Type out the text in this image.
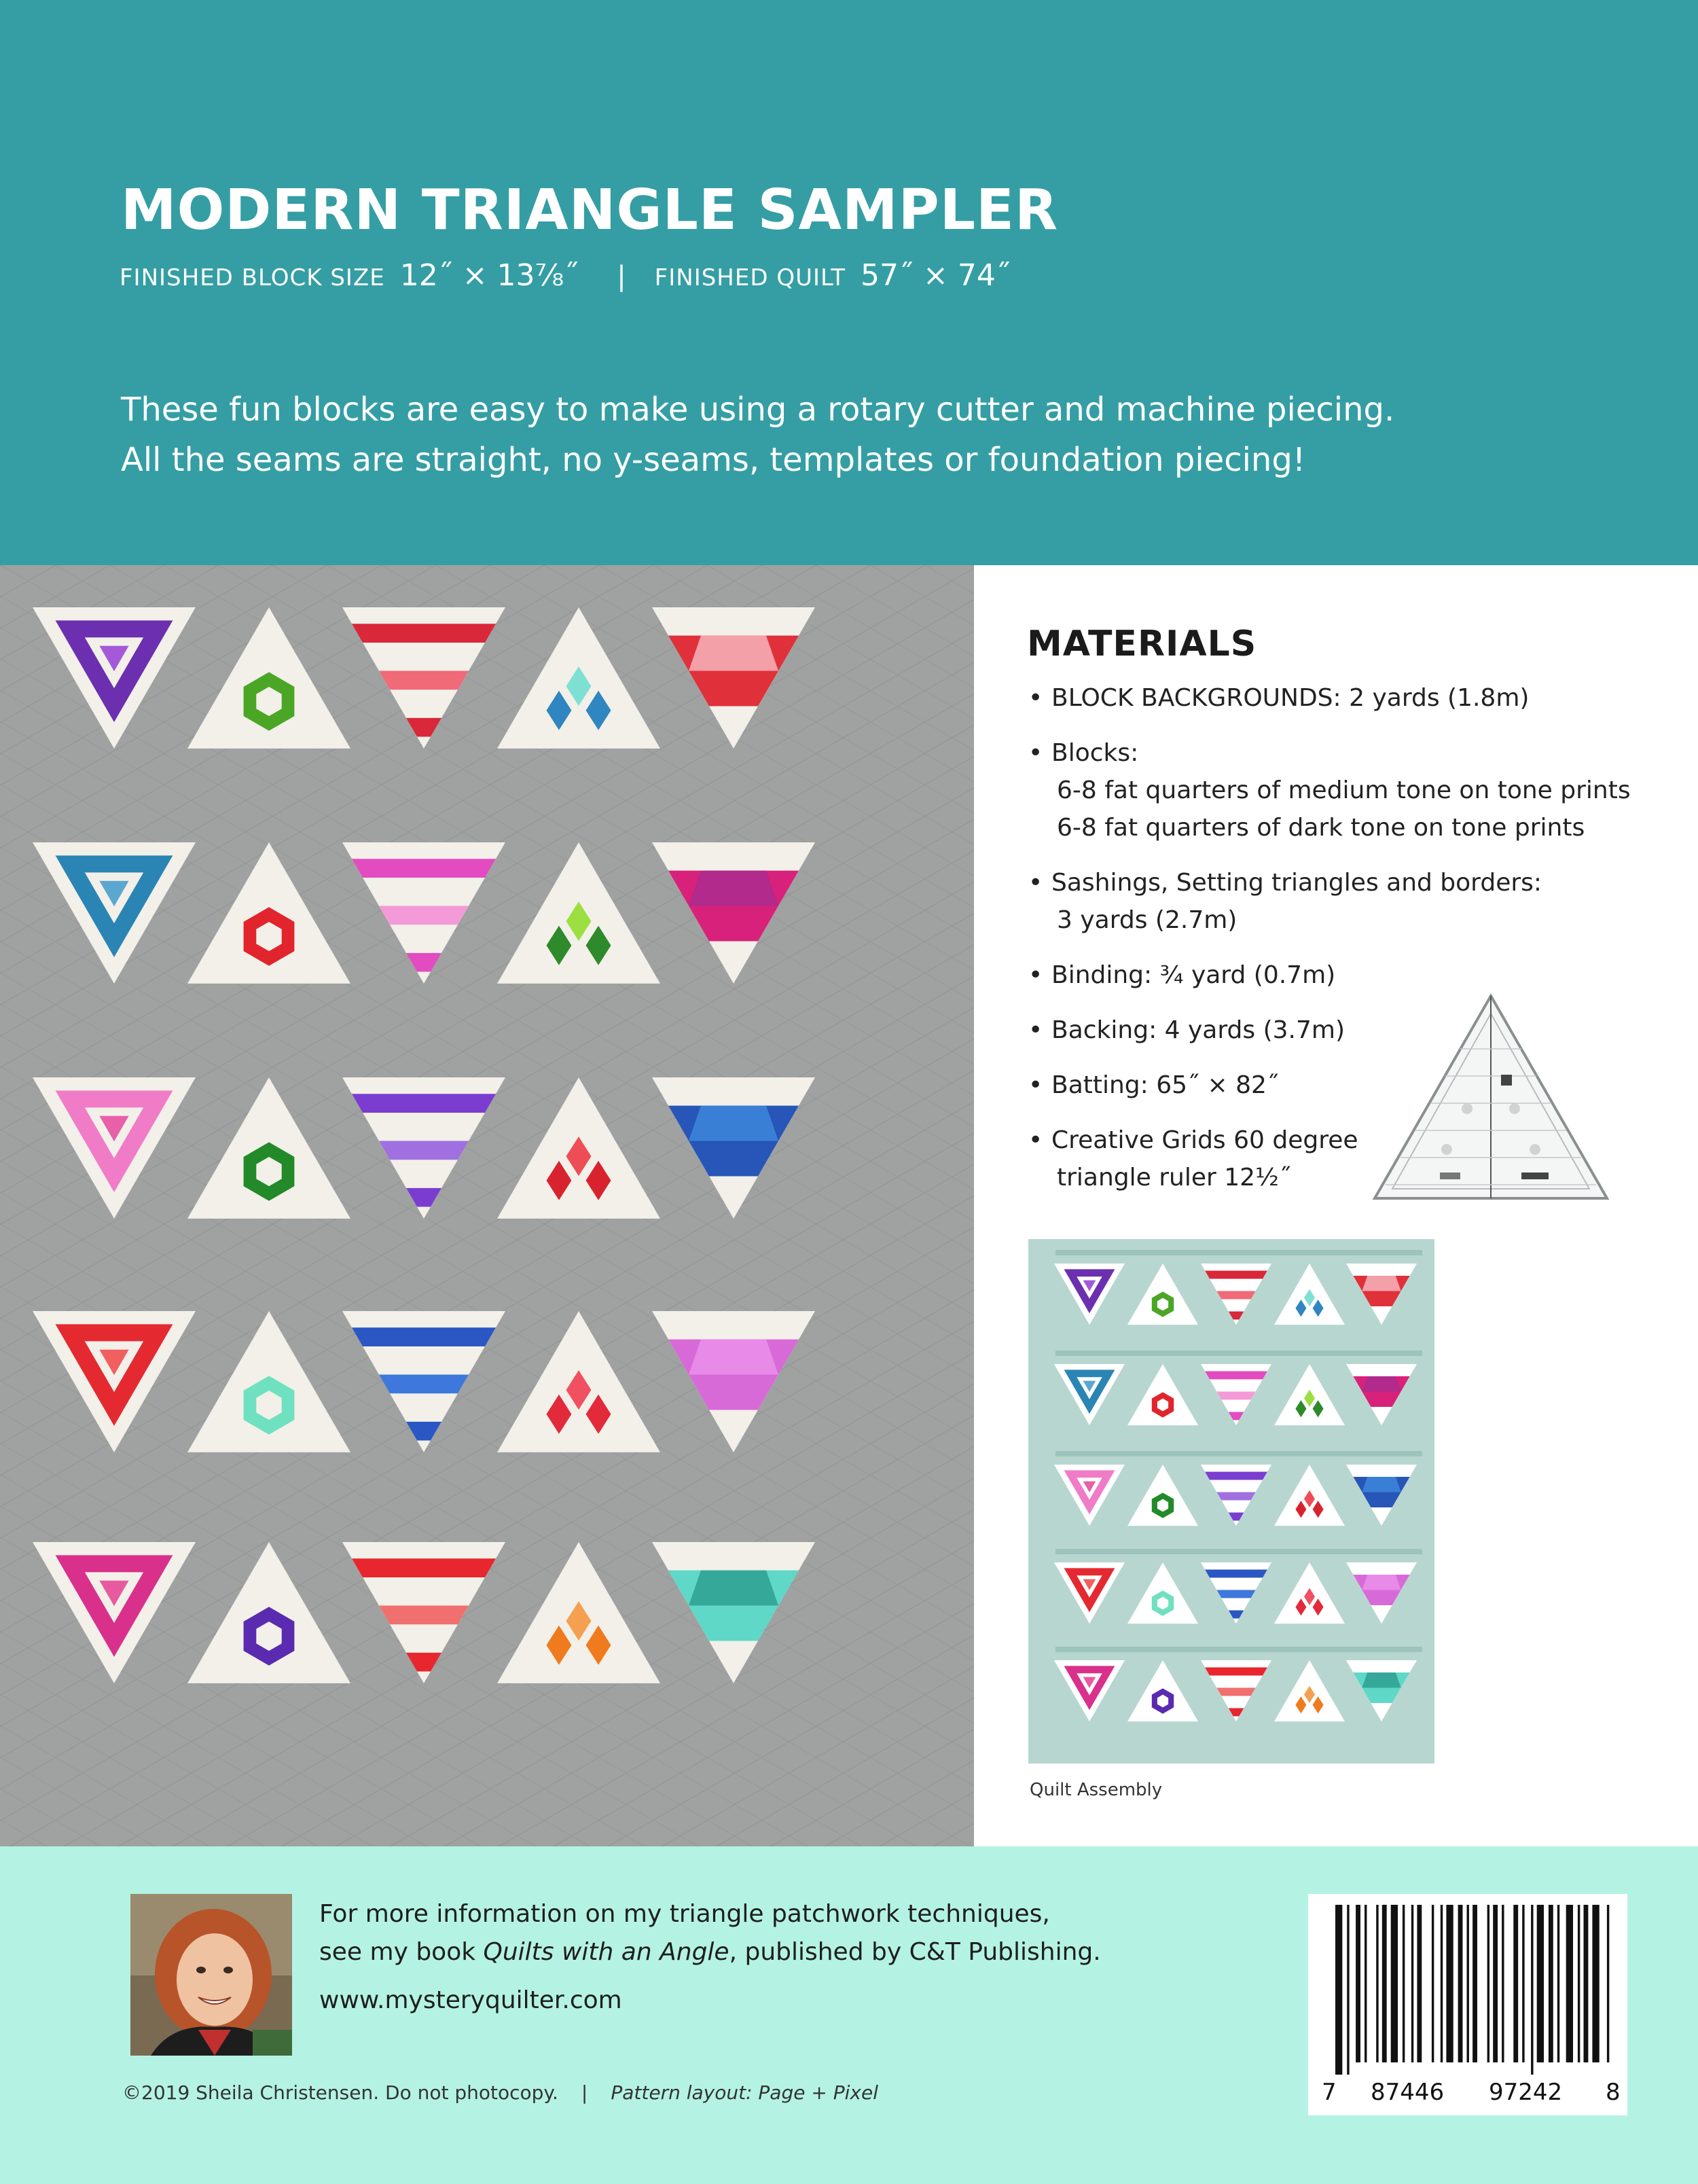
MODERN TRIANGLE SAMPLER
FINISHED BLOCK SIZE 12˝ × 13⅞˝ | FINISHED QUILT 57˝ × 74˝
These fun blocks are easy to make using a rotary cutter and machine piecing.
All the seams are straight, no y-seams, templates or foundation piecing!
MATERIALS
• BLOCK BACKGROUNDS: 2 yards (1.8m)
• Blocks:
6-8 fat quarters of medium tone on tone prints
6-8 fat quarters of dark tone on tone prints
• Sashings, Setting triangles and borders:
3 yards (2.7m)
• Binding: ¾ yard (0.7m)
• Backing: 4 yards (3.7m)
• Batting: 65˝ × 82˝
• Creative Grids 60 degree
triangle ruler 12½˝
Quilt Assembly
For more information on my triangle patchwork techniques,
see my book Quilts with an Angle, published by C&T Publishing.
www.mysteryquilter.com
©2019 Sheila Christensen. Do not photocopy. | Pattern layout: Page + Pixel	7 87446 97242 8
